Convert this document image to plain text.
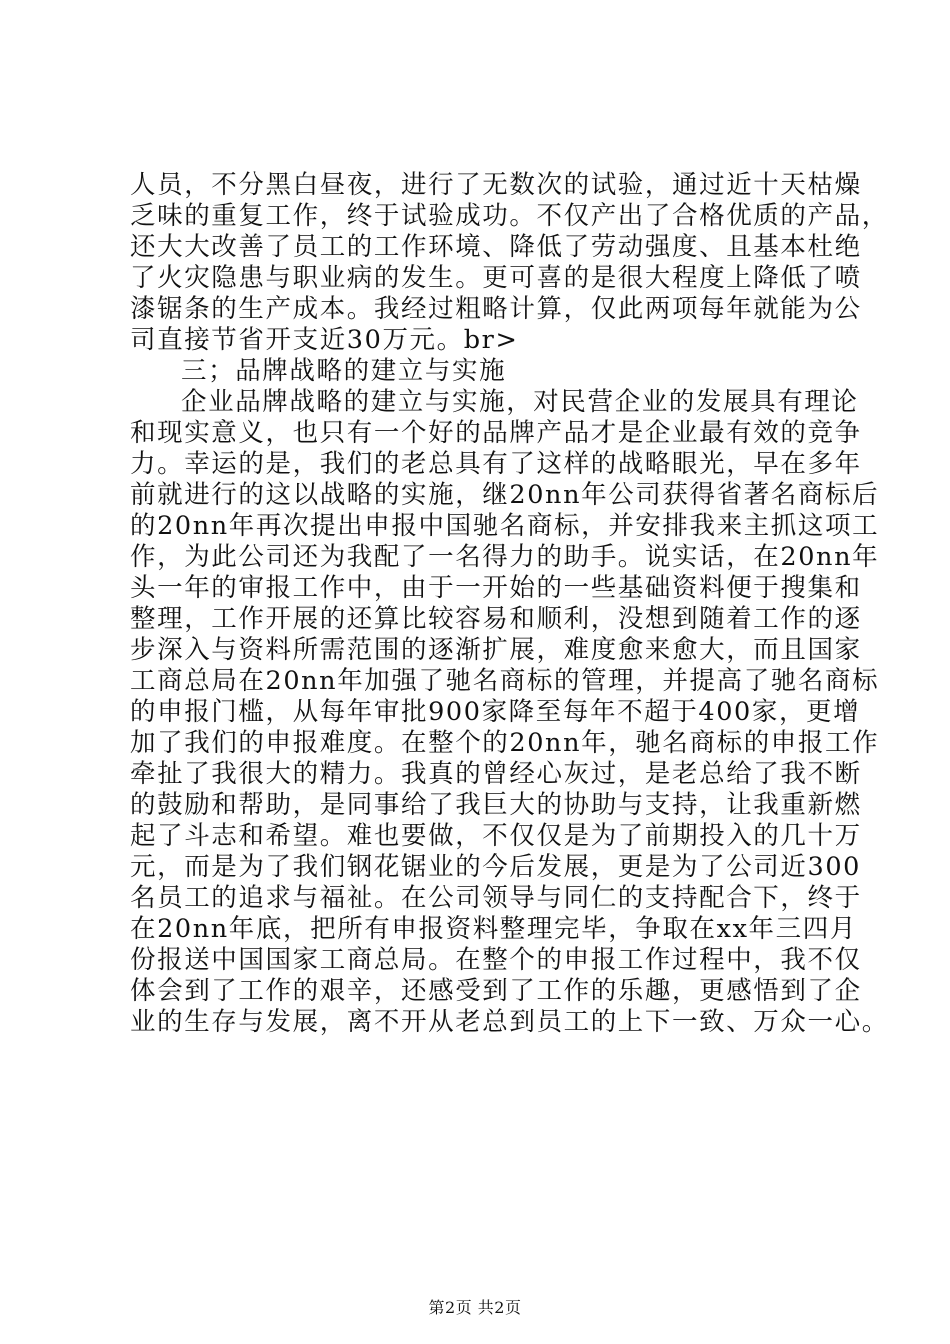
人员，不分黑白昼夜，进行了无数次的试验，通过近十天枯燥
乏味的重复工作，终于试验成功。不仅产出了合格优质的产品，
还大大改善了员工的工作环境、降低了劳动强度、且基本杜绝
了火灾隐患与职业病的发生。更可喜的是很大程度上降低了喷
漆锯条的生产成本。我经过粗略计算，仅此两项每年就能为公
司直接节省开支近30万元。br>
三；品牌战略的建立与实施
企业品牌战略的建立与实施，对民营企业的发展具有理论
和现实意义，也只有一个好的品牌产品才是企业最有效的竞争
力。幸运的是，我们的老总具有了这样的战略眼光，早在多年
前就进行的这以战略的实施，继20nn年公司获得省著名商标后
的20nn年再次提出申报中国驰名商标，并安排我来主抓这项工
作，为此公司还为我配了一名得力的助手。说实话，在20nn年
头一年的审报工作中，由于一开始的一些基础资料便于搜集和
整理，工作开展的还算比较容易和顺利，没想到随着工作的逐
步深入与资料所需范围的逐渐扩展，难度愈来愈大，而且国家
工商总局在20nn年加强了驰名商标的管理，并提高了驰名商标
的申报门槛，从每年审批900家降至每年不超于400家，更增
加了我们的申报难度。在整个的20nn年，驰名商标的申报工作
牵扯了我很大的精力。我真的曾经心灰过，是老总给了我不断
的鼓励和帮助，是同事给了我巨大的协助与支持，让我重新燃
起了斗志和希望。难也要做，不仅仅是为了前期投入的几十万
元，而是为了我们钢花锯业的今后发展，更是为了公司近300
名员工的追求与福祉。在公司领导与同仁的支持配合下，终于
在20nn年底，把所有申报资料整理完毕，争取在xx年三四月
份报送中国国家工商总局。在整个的申报工作过程中，我不仅
体会到了工作的艰辛，还感受到了工作的乐趣，更感悟到了企
业的生存与发展，离不开从老总到员工的上下一致、万众一心。
第2页 共2页
